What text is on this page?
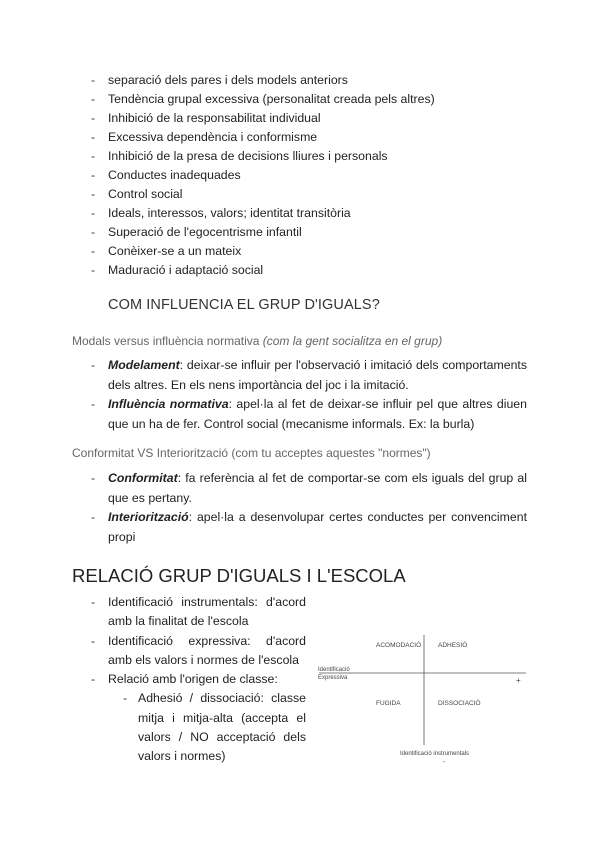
- separació dels pares i dels models anteriors
- Tendència grupal excessiva (personalitat creada pels altres)
- Inhibició de la responsabilitat individual
- Excessiva dependència i conformisme
- Inhibició de la presa de decisions lliures i personals
- Conductes inadequades
- Control social
- Ideals, interessos, valors; identitat transitòria
- Superació de l'egocentrisme infantil
- Conèixer-se a un mateix
- Maduració i adaptació social
COM INFLUENCIA EL GRUP D'IGUALS?
Modals versus influència normativa (com la gent socialitza en el grup)
- Modelament: deixar-se influir per l'observació i imitació dels comportaments dels altres. En els nens importància del joc i la imitació.
- Influència normativa: apel·la al fet de deixar-se influir pel que altres diuen que un ha de fer. Control social (mecanisme informals. Ex: la burla)
Conformitat VS Interiorització (com tu acceptes aquestes "normes")
- Conformitat: fa referència al fet de comportar-se com els iguals del grup al que es pertany.
- Interiorització: apel·la a desenvolupar certes conductes per convenciment propi
RELACIÓ GRUP D'IGUALS I L'ESCOLA
- Identificació instrumentals: d'acord amb la finalitat de l'escola
- Identificació expressiva: d'acord amb els valors i normes de l'escola
- Relació amb l'origen de classe:
- Adhesió / dissociació: classe mitja i mitja-alta (accepta el valors / NO acceptació dels valors i normes)
ACOMODACIÓ	ADHESIÓ
FUGIDA	DISSOCIACIÓ
Identificació
Expressiva	+
Identificació instrumentals
-
